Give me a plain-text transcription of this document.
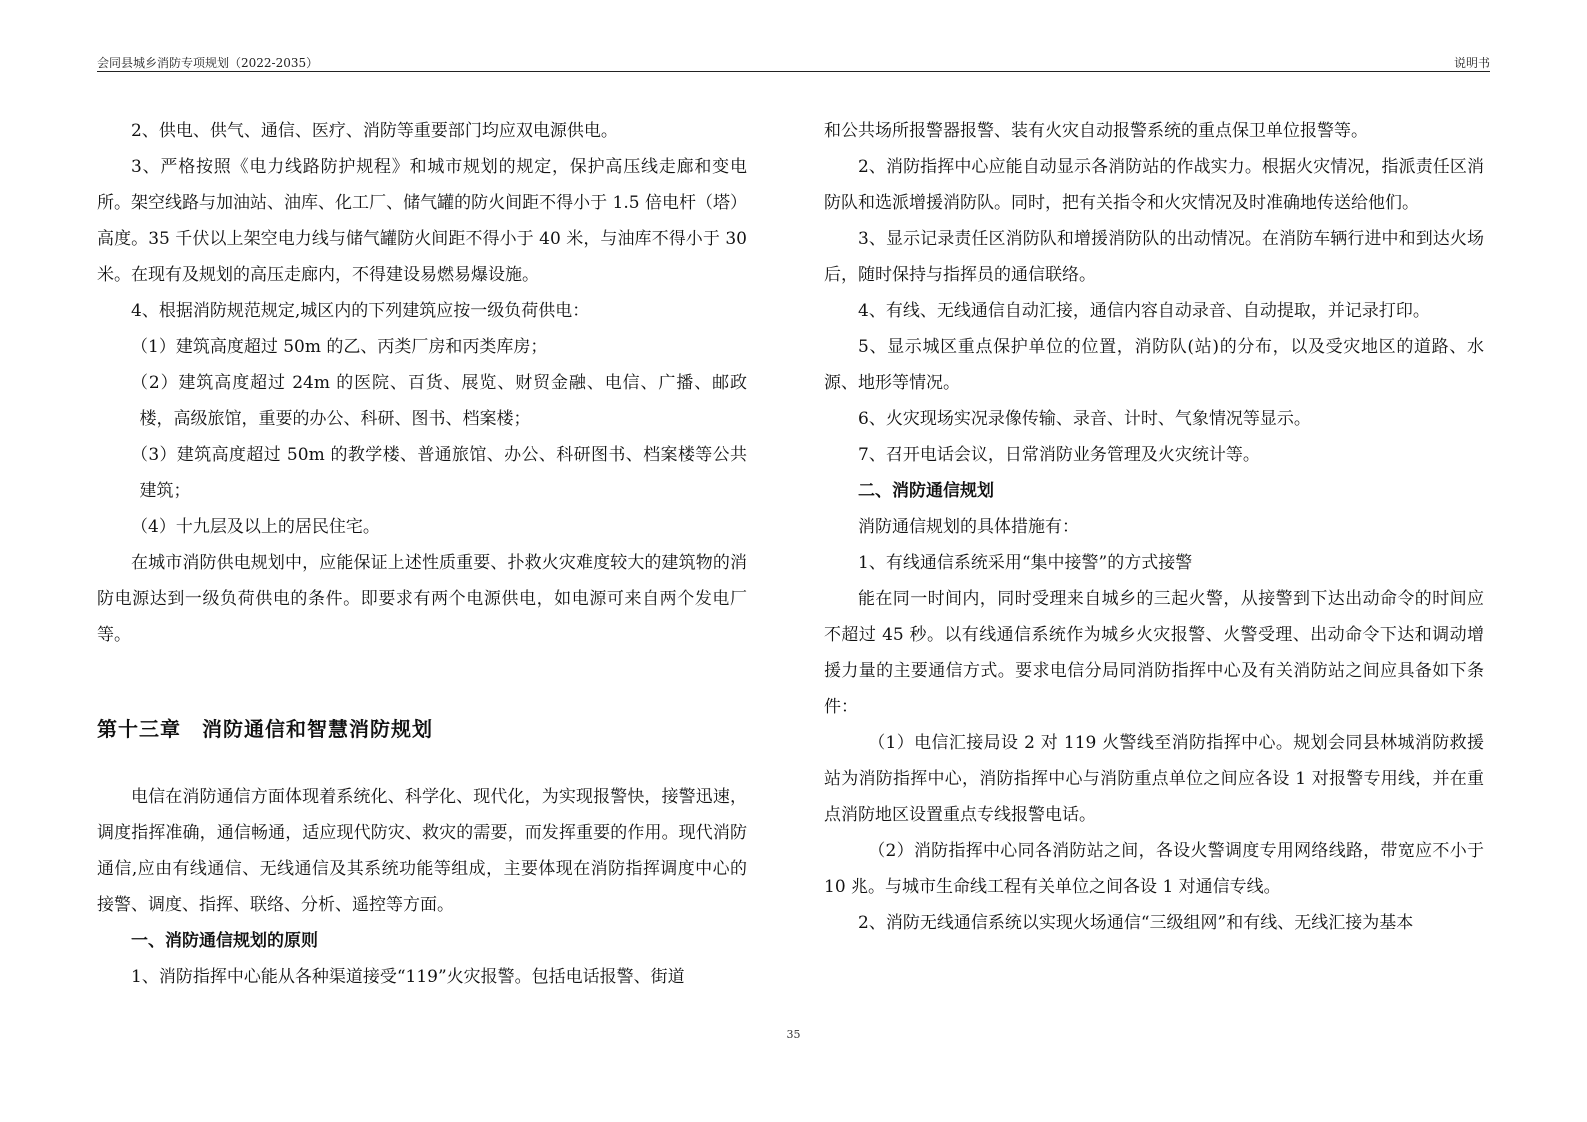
会同县城乡消防专项规划（2022-2035）	说明书

2、供电、供气、通信、医疗、消防等重要部门均应双电源供电。

3、严格按照《电力线路防护规程》和城市规划的规定，保护高压线走廊和变电所。架空线路与加油站、油库、化工厂、储气罐的防火间距不得小于 1.5 倍电杆（塔）高度。35 千伏以上架空电力线与储气罐防火间距不得小于 40 米，与油库不得小于 30 米。在现有及规划的高压走廊内，不得建设易燃易爆设施。

4、根据消防规范规定,城区内的下列建筑应按一级负荷供电：

（1）建筑高度超过 50m 的乙、丙类厂房和丙类库房；

（2）建筑高度超过 24m 的医院、百货、展览、财贸金融、电信、广播、邮政楼，高级旅馆，重要的办公、科研、图书、档案楼；

（3）建筑高度超过 50m 的教学楼、普通旅馆、办公、科研图书、档案楼等公共建筑；

（4）十九层及以上的居民住宅。

在城市消防供电规划中，应能保证上述性质重要、扑救火灾难度较大的建筑物的消防电源达到一级负荷供电的条件。即要求有两个电源供电，如电源可来自两个发电厂等。

第十三章　消防通信和智慧消防规划

电信在消防通信方面体现着系统化、科学化、现代化，为实现报警快，接警迅速，调度指挥准确，通信畅通，适应现代防灾、救灾的需要，而发挥重要的作用。现代消防通信,应由有线通信、无线通信及其系统功能等组成，主要体现在消防指挥调度中心的接警、调度、指挥、联络、分析、遥控等方面。

一、消防通信规划的原则

1、消防指挥中心能从各种渠道接受“119”火灾报警。包括电话报警、街道

和公共场所报警器报警、装有火灾自动报警系统的重点保卫单位报警等。

2、消防指挥中心应能自动显示各消防站的作战实力。根据火灾情况，指派责任区消防队和选派增援消防队。同时，把有关指令和火灾情况及时准确地传送给他们。

3、显示记录责任区消防队和增援消防队的出动情况。在消防车辆行进中和到达火场后，随时保持与指挥员的通信联络。

4、有线、无线通信自动汇接，通信内容自动录音、自动提取，并记录打印。

5、显示城区重点保护单位的位置，消防队(站)的分布，以及受灾地区的道路、水源、地形等情况。

6、火灾现场实况录像传输、录音、计时、气象情况等显示。

7、召开电话会议，日常消防业务管理及火灾统计等。

二、消防通信规划

消防通信规划的具体措施有：

1、有线通信系统采用“集中接警”的方式接警

能在同一时间内，同时受理来自城乡的三起火警，从接警到下达出动命令的时间应不超过 45 秒。以有线通信系统作为城乡火灾报警、火警受理、出动命令下达和调动增援力量的主要通信方式。要求电信分局同消防指挥中心及有关消防站之间应具备如下条件：

（1）电信汇接局设 2 对 119 火警线至消防指挥中心。规划会同县林城消防救援站为消防指挥中心，消防指挥中心与消防重点单位之间应各设 1 对报警专用线，并在重点消防地区设置重点专线报警电话。

（2）消防指挥中心同各消防站之间，各设火警调度专用网络线路，带宽应不小于 10 兆。与城市生命线工程有关单位之间各设 1 对通信专线。

2、消防无线通信系统以实现火场通信“三级组网”和有线、无线汇接为基本

35
